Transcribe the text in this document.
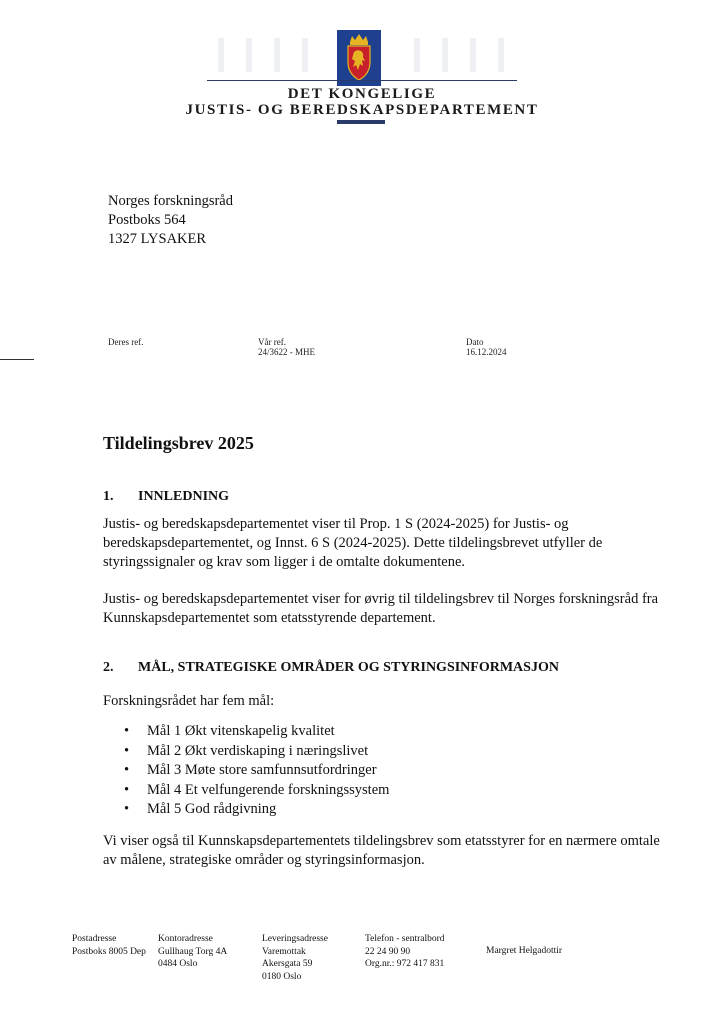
DET KONGELIGE
JUSTIS- OG BEREDSKAPSDEPARTEMENT
Norges forskningsråd
Postboks 564
1327 LYSAKER
Deres ref.	Vår ref.
24/3622 - MHE
Dato
16.12.2024
Tildelingsbrev 2025
1. INNLEDNING
Justis- og beredskapsdepartementet viser til Prop. 1 S (2024-2025) for Justis- og beredskapsdepartementet, og Innst. 6 S (2024-2025). Dette tildelingsbrevet utfyller de styringssignaler og krav som ligger i de omtalte dokumentene.
Justis- og beredskapsdepartementet viser for øvrig til tildelingsbrev til Norges forskningsråd fra Kunnskapsdepartementet som etatsstyrende departement.
2. MÅL, STRATEGISKE OMRÅDER OG STYRINGSINFORMASJON
Forskningsrådet har fem mål:
• Mål 1 Økt vitenskapelig kvalitet
• Mål 2 Økt verdiskaping i næringslivet
• Mål 3 Møte store samfunnsutfordringer
• Mål 4 Et velfungerende forskningssystem
• Mål 5 God rådgivning
Vi viser også til Kunnskapsdepartementets tildelingsbrev som etatsstyrer for en nærmere omtale av målene, strategiske områder og styringsinformasjon.
Postadresse
Postboks 8005 Dep
Kontoradresse
Gullhaug Torg 4A
0484 Oslo
Leveringsadresse
Varemottak
Akersgata 59
0180 Oslo
Telefon - sentralbord
22 24 90 90
Org.nr.: 972 417 831
Margret Helgadottir
